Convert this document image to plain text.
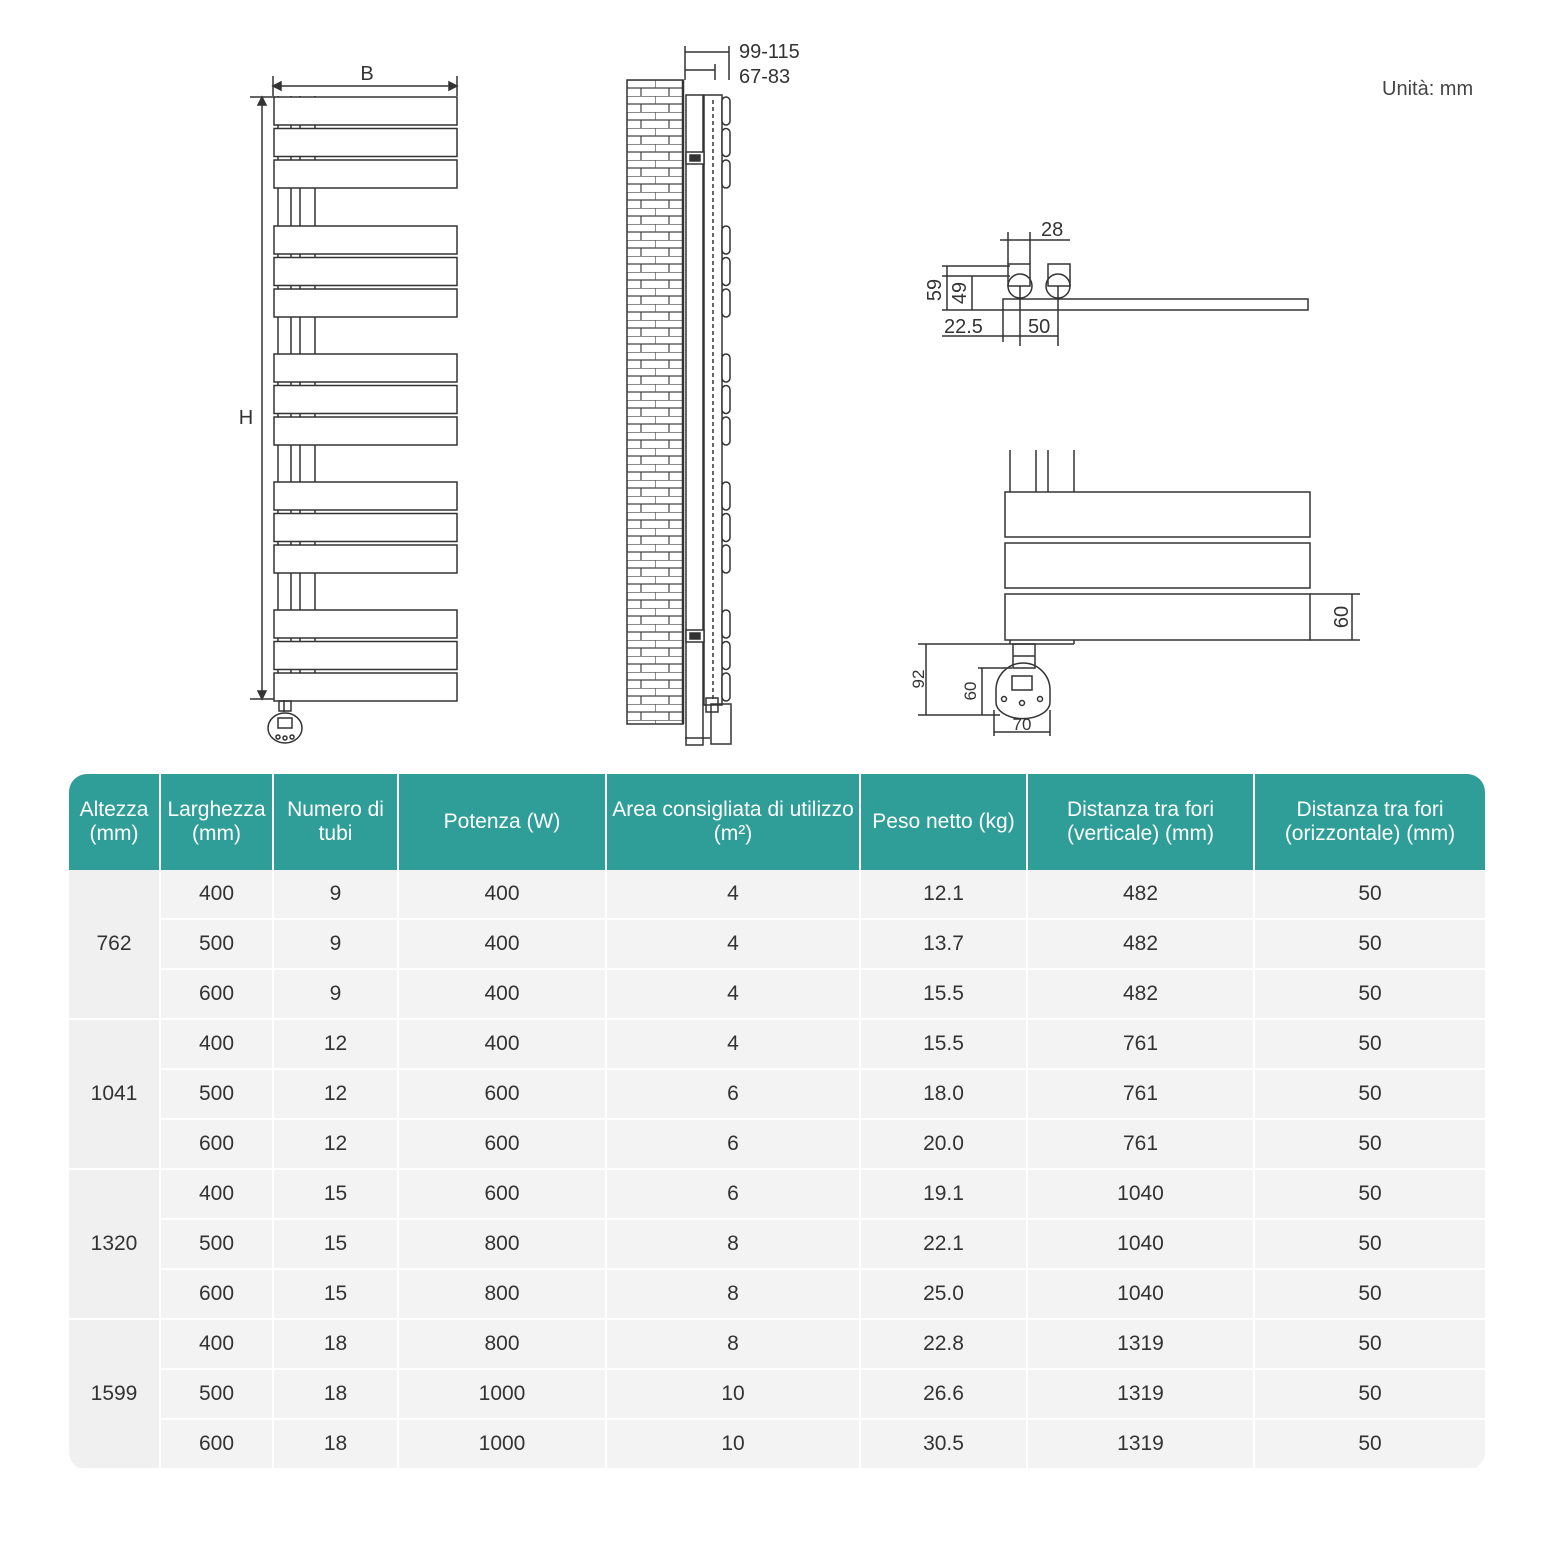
Unità: mm
B
H
99-115
67-83
28
59 49
22.5 50
60
92
60
70
Altezza (mm)	Larghezza (mm)	Numero di tubi	Potenza (W)	Area consigliata di utilizzo (m²)	Peso netto (kg)	Distanza tra fori (verticale) (mm)	Distanza tra fori (orizzontale) (mm)
762	400	9	400	4	12.1	482	50
	500	9	400	4	13.7	482	50
	600	9	400	4	15.5	482	50
1041	400	12	400	4	15.5	761	50
	500	12	600	6	18.0	761	50
	600	12	600	6	20.0	761	50
1320	400	15	600	6	19.1	1040	50
	500	15	800	8	22.1	1040	50
	600	15	800	8	25.0	1040	50
1599	400	18	800	8	22.8	1319	50
	500	18	1000	10	26.6	1319	50
	600	18	1000	10	30.5	1319	50
